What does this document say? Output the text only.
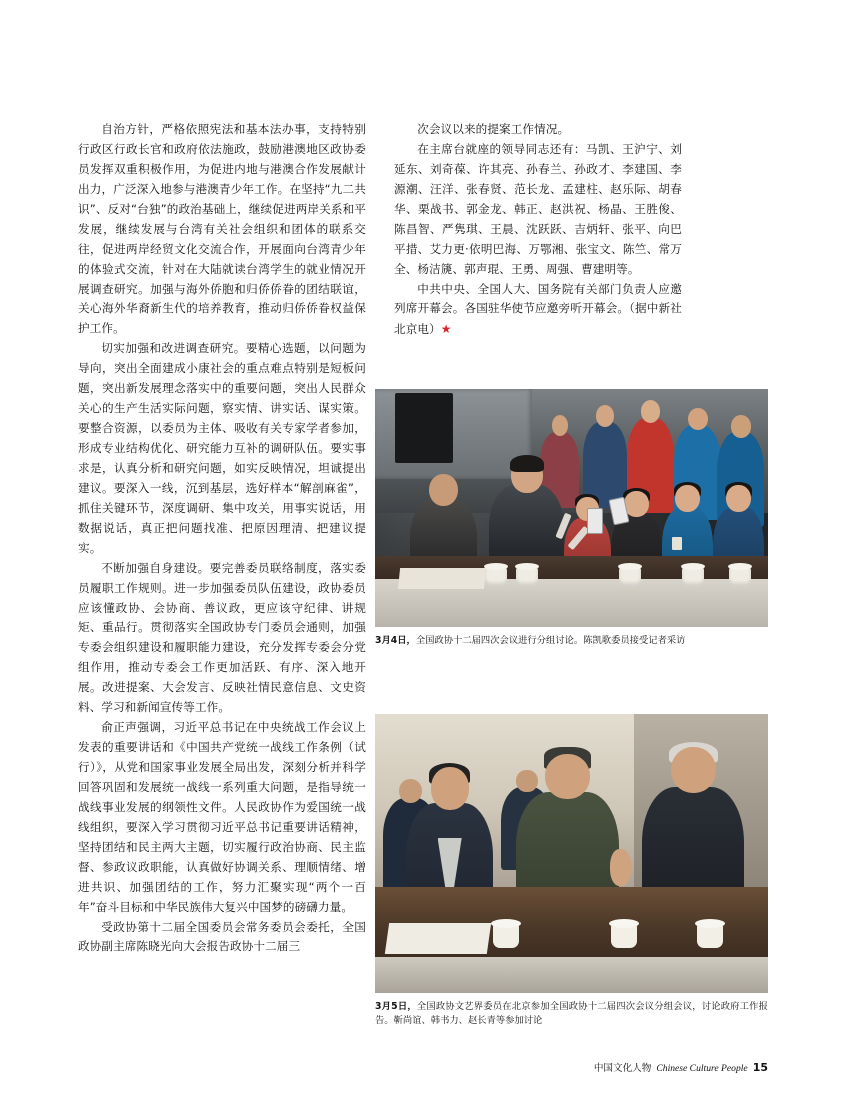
自治方针，严格依照宪法和基本法办事，支持特别行政区行政长官和政府依法施政，鼓励港澳地区政协委员发挥双重积极作用，为促进内地与港澳合作发展献计出力，广泛深入地参与港澳青少年工作。在坚持“九二共识”、反对“台独”的政治基础上，继续促进两岸关系和平发展，继续发展与台湾有关社会组织和团体的联系交往，促进两岸经贸文化交流合作，开展面向台湾青少年的体验式交流，针对在大陆就读台湾学生的就业情况开展调查研究。加强与海外侨胞和归侨侨眷的团结联谊，关心海外华裔新生代的培养教育，推动归侨侨眷权益保护工作。

切实加强和改进调查研究。要精心选题，以问题为导向，突出全面建成小康社会的重点难点特别是短板问题，突出新发展理念落实中的重要问题，突出人民群众关心的生产生活实际问题，察实情、讲实话、谋实策。要整合资源，以委员为主体、吸收有关专家学者参加，形成专业结构优化、研究能力互补的调研队伍。要实事求是，认真分析和研究问题，如实反映情况，坦诚提出建议。要深入一线，沉到基层，选好样本“解剖麻雀”，抓住关键环节，深度调研、集中攻关，用事实说话，用数据说话，真正把问题找准、把原因理清、把建议提实。

不断加强自身建设。要完善委员联络制度，落实委员履职工作规则。进一步加强委员队伍建设，政协委员应该懂政协、会协商、善议政，更应该守纪律、讲规矩、重品行。贯彻落实全国政协专门委员会通则，加强专委会组织建设和履职能力建设，充分发挥专委会分党组作用，推动专委会工作更加活跃、有序、深入地开展。改进提案、大会发言、反映社情民意信息、文史资料、学习和新闻宣传等工作。

俞正声强调，习近平总书记在中央统战工作会议上发表的重要讲话和《中国共产党统一战线工作条例（试行）》，从党和国家事业发展全局出发，深刻分析并科学回答巩固和发展统一战线一系列重大问题，是指导统一战线事业发展的纲领性文件。人民政协作为爱国统一战线组织，要深入学习贯彻习近平总书记重要讲话精神，坚持团结和民主两大主题，切实履行政治协商、民主监督、参政议政职能，认真做好协调关系、理顺情绪、增进共识、加强团结的工作，努力汇聚实现“两个一百年”奋斗目标和中华民族伟大复兴中国梦的磅礴力量。

受政协第十二届全国委员会常务委员会委托，全国政协副主席陈晓光向大会报告政协十二届三

次会议以来的提案工作情况。

在主席台就座的领导同志还有：马凯、王沪宁、刘延东、刘奇葆、许其亮、孙春兰、孙政才、李建国、李源潮、汪洋、张春贤、范长龙、孟建柱、赵乐际、胡春华、栗战书、郭金龙、韩正、赵洪祝、杨晶、王胜俊、陈昌智、严隽琪、王晨、沈跃跃、吉炳轩、张平、向巴平措、艾力更·依明巴海、万鄂湘、张宝文、陈竺、常万全、杨洁篪、郭声琨、王勇、周强、曹建明等。

中共中央、全国人大、国务院有关部门负责人应邀列席开幕会。各国驻华使节应邀旁听开幕会。（据中新社北京电）★

3月4日，全国政协十二届四次会议进行分组讨论。陈凯歌委员接受记者采访
3月5日，全国政协文艺界委员在北京参加全国政协十二届四次会议分组会议，讨论政府工作报告。靳尚谊、韩书力、赵长青等参加讨论
中国文化人物 Chinese Culture People 15
